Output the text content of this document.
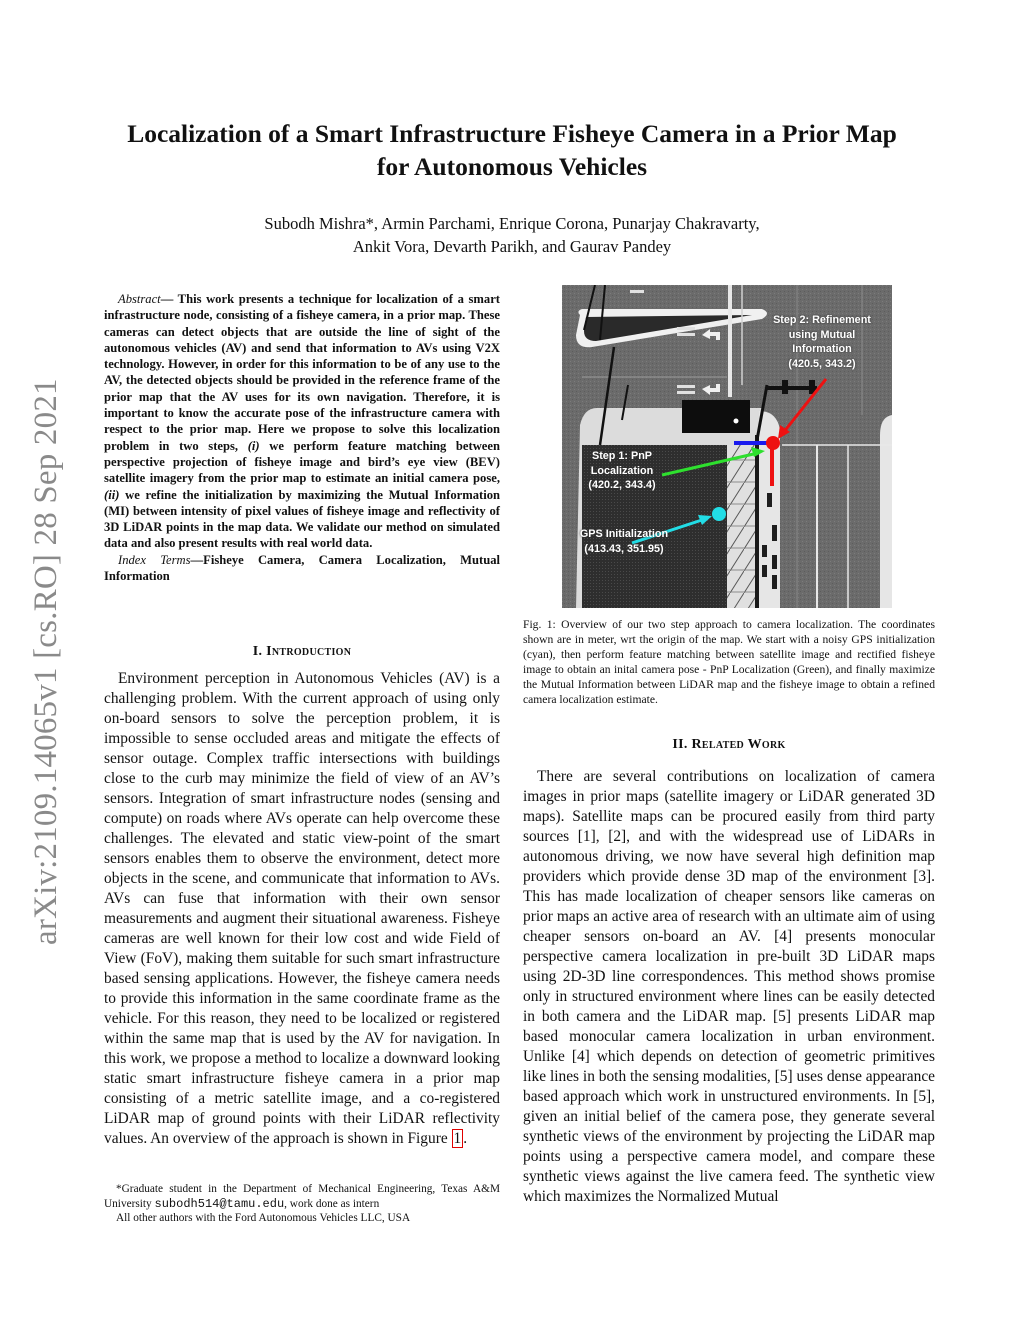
arXiv:2109.14065v1 [cs.RO] 28 Sep 2021
Localization of a Smart Infrastructure Fisheye Camera in a Prior Map
for Autonomous Vehicles
Subodh Mishra*, Armin Parchami, Enrique Corona, Punarjay Chakravarty,
Ankit Vora, Devarth Parikh, and Gaurav Pandey

Abstract— This work presents a technique for localization of a smart infrastructure node, consisting of a fisheye camera, in a prior map. These cameras can detect objects that are outside the line of sight of the autonomous vehicles (AV) and send that information to AVs using V2X technology. However, in order for this information to be of any use to the AV, the detected objects should be provided in the reference frame of the prior map that the AV uses for its own navigation. Therefore, it is important to know the accurate pose of the infrastructure camera with respect to the prior map. Here we propose to solve this localization problem in two steps, (i) we perform feature matching between perspective projection of fisheye image and bird’s eye view (BEV) satellite imagery from the prior map to estimate an initial camera pose, (ii) we refine the initialization by maximizing the Mutual Information (MI) between intensity of pixel values of fisheye image and reflectivity of 3D LiDAR points in the map data. We validate our method on simulated data and also present results with real world data.

Index Terms—Fisheye Camera, Camera Localization, Mutual Information

I. Introduction

Environment perception in Autonomous Vehicles (AV) is a challenging problem. With the current approach of using only on-board sensors to solve the perception problem, it is impossible to sense occluded areas and mitigate the effects of sensor outage. Complex traffic intersections with buildings close to the curb may minimize the field of view of an AV’s sensors. Integration of smart infrastructure nodes (sensing and compute) on roads where AVs operate can help overcome these challenges. The elevated and static view-point of the smart sensors enables them to observe the environment, detect more objects in the scene, and communicate that information to AVs. AVs can fuse that information with their own sensor measurements and augment their situational awareness. Fisheye cameras are well known for their low cost and wide Field of View (FoV), making them suitable for such smart infrastructure based sensing applications. However, the fisheye camera needs to provide this information in the same coordinate frame as the vehicle. For this reason, they need to be localized or registered within the same map that is used by the AV for navigation. In this work, we propose a method to localize a downward looking static smart infrastructure fisheye camera in a prior map consisting of a metric satellite image, and a co-registered LiDAR map of ground points with their LiDAR reflectivity values. An overview of the approach is shown in Figure 1 .

*Graduate student in the Department of Mechanical Engineering, Texas A&M University subodh514@tamu.edu, work done as intern

All other authors with the Ford Autonomous Vehicles LLC, USA

Step 2: Refinement
using Mutual
Information
(420.5, 343.2)
Step 1: PnP
Localization
(420.2, 343.4)
GPS Initialization
(413.43, 351.95)
Fig. 1: Overview of our two step approach to camera localization. The coordinates shown are in meter, wrt the origin of the map. We start with a noisy GPS initialization (cyan), then perform feature matching between satellite image and rectified fisheye image to obtain an inital camera pose - PnP Localization (Green), and finally maximize the Mutual Information between LiDAR map and the fisheye image to obtain a refined camera localization estimate.
II. Related Work

There are several contributions on localization of camera images in prior maps (satellite imagery or LiDAR generated 3D maps). Satellite maps can be procured easily from third party sources [1], [2], and with the widespread use of LiDARs in autonomous driving, we now have several high definition map providers which provide dense 3D map of the environment [3]. This has made localization of cheaper sensors like cameras on prior maps an active area of research with an ultimate aim of using cheaper sensors on-board an AV. [4] presents monocular perspective camera localization in pre-built 3D LiDAR maps using 2D-3D line correspondences. This method shows promise only in structured environment where lines can be easily detected in both camera and the LiDAR map. [5] presents LiDAR map based monocular camera localization in urban environment. Unlike [4] which depends on detection of geometric primitives like lines in both the sensing modalities, [5] uses dense appearance based approach which work in unstructured environments. In [5], given an initial belief of the camera pose, they generate several synthetic views of the environment by projecting the LiDAR map points using a perspective camera model, and compare these synthetic views against the live camera feed. The synthetic view which maximizes the Normalized Mutual
